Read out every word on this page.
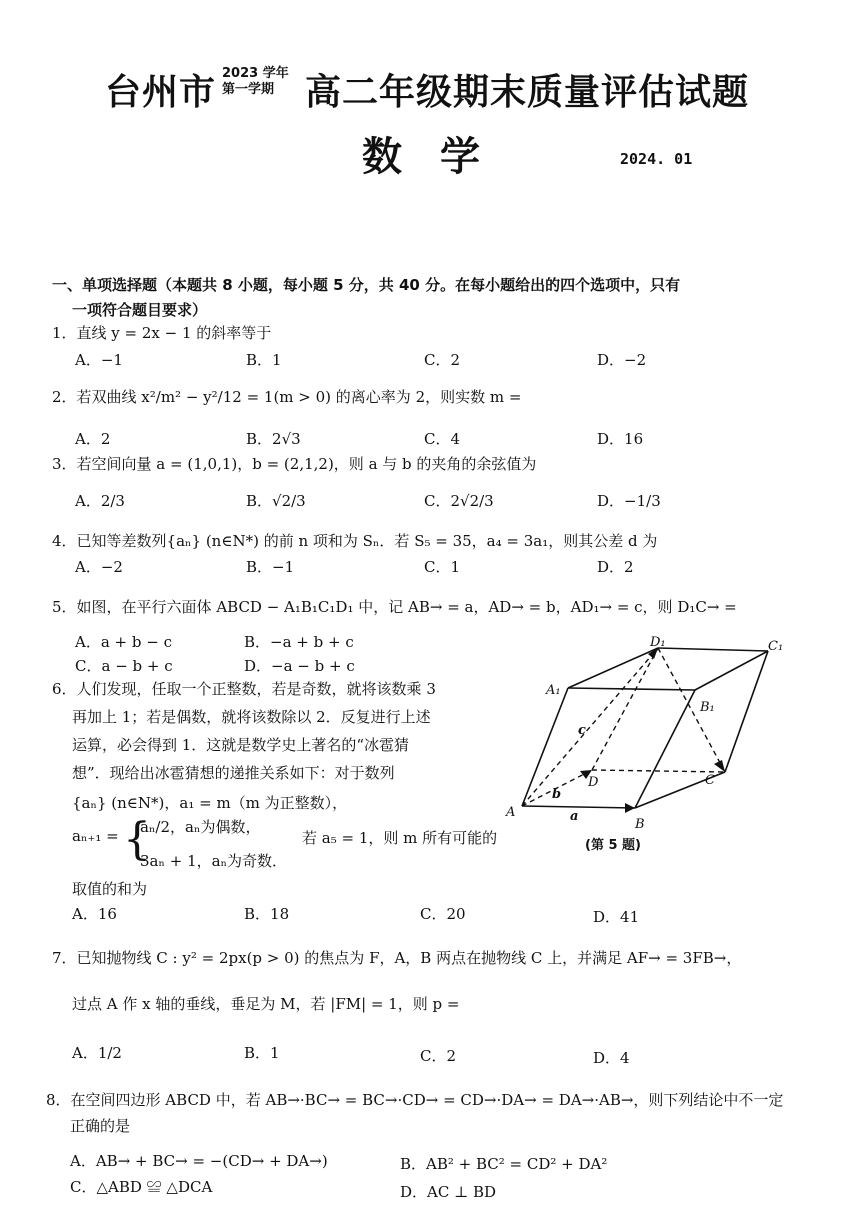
台州市 2023 学年
第一学期 高二年级期末质量评估试题
数学	2024. 01
一、单项选择题（本题共 8 小题，每小题 5 分，共 40 分。在每小题给出的四个选项中，只有
一项符合题目要求）
1．直线 y = 2x − 1 的斜率等于
A．−1	B．1	C．2	D．−2
2．若双曲线 x²/m² − y²/12 = 1(m > 0) 的离心率为 2，则实数 m =
A．2	B．2√3	C．4	D．16
3．若空间向量 a = (1,0,1)，b = (2,1,2)，则 a 与 b 的夹角的余弦值为
A．2/3	B．√2/3	C．2√2/3	D．−1/3
4．已知等差数列{aₙ} (n∈N*) 的前 n 项和为 Sₙ．若 S₅ = 35，a₄ = 3a₁，则其公差 d 为
A．−2	B．−1	C．1	D．2
5．如图，在平行六面体 ABCD − A₁B₁C₁D₁ 中，记 AB→ = a，AD→ = b，AD₁→ = c，则 D₁C→ =
A．a + b − c	B．−a + b + c
C．a − b + c	D．−a − b + c
6．人们发现，任取一个正整数，若是奇数，就将该数乘 3
再加上 1；若是偶数，就将该数除以 2．反复进行上述
运算，必会得到 1．这就是数学史上著名的“冰雹猜
想”．现给出冰雹猜想的递推关系如下：对于数列
{aₙ} (n∈N*)，a₁ = m（m 为正整数），
aₙ₊₁ = {
aₙ/2，aₙ为偶数，
3aₙ + 1，aₙ为奇数．
若 a₅ = 1，则 m 所有可能的
取值的和为
A．16	B．18	C．20	D．41
D₁	C₁
A₁
B₁
D	C
A
B
c
b
a
(第 5 题)
7．已知抛物线 C : y² = 2px(p > 0) 的焦点为 F，A，B 两点在抛物线 C 上，并满足 AF→ = 3FB→，
过点 A 作 x 轴的垂线，垂足为 M，若 |FM| = 1，则 p =
A．1/2	B．1	C．2	D．4
8．在空间四边形 ABCD 中，若 AB→·BC→ = BC→·CD→ = CD→·DA→ = DA→·AB→，则下列结论中不一定
正确的是
A．AB→ + BC→ = −(CD→ + DA→)	B．AB² + BC² = CD² + DA²
C．△ABD ≌ △DCA	D．AC ⊥ BD
